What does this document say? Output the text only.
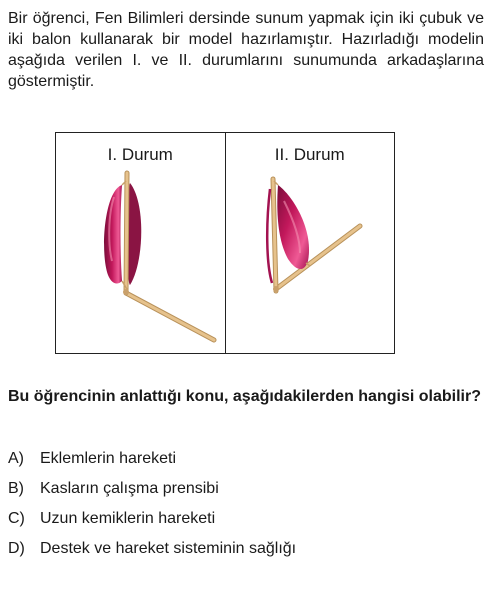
Bir öğrenci, Fen Bilimleri dersinde sunum yapmak için iki çubuk ve iki balon kullanarak bir model hazırlamıştır. Hazırladığı modelin aşağıda verilen I. ve II. durumlarını sunumunda arkadaşlarına göstermiştir.

I. Durum	II. Durum

Bu öğrencinin anlattığı konu, aşağıdakilerden hangisi olabilir?

A) Eklemlerin hareketi
B) Kasların çalışma prensibi
C) Uzun kemiklerin hareketi
D) Destek ve hareket sisteminin sağlığı
